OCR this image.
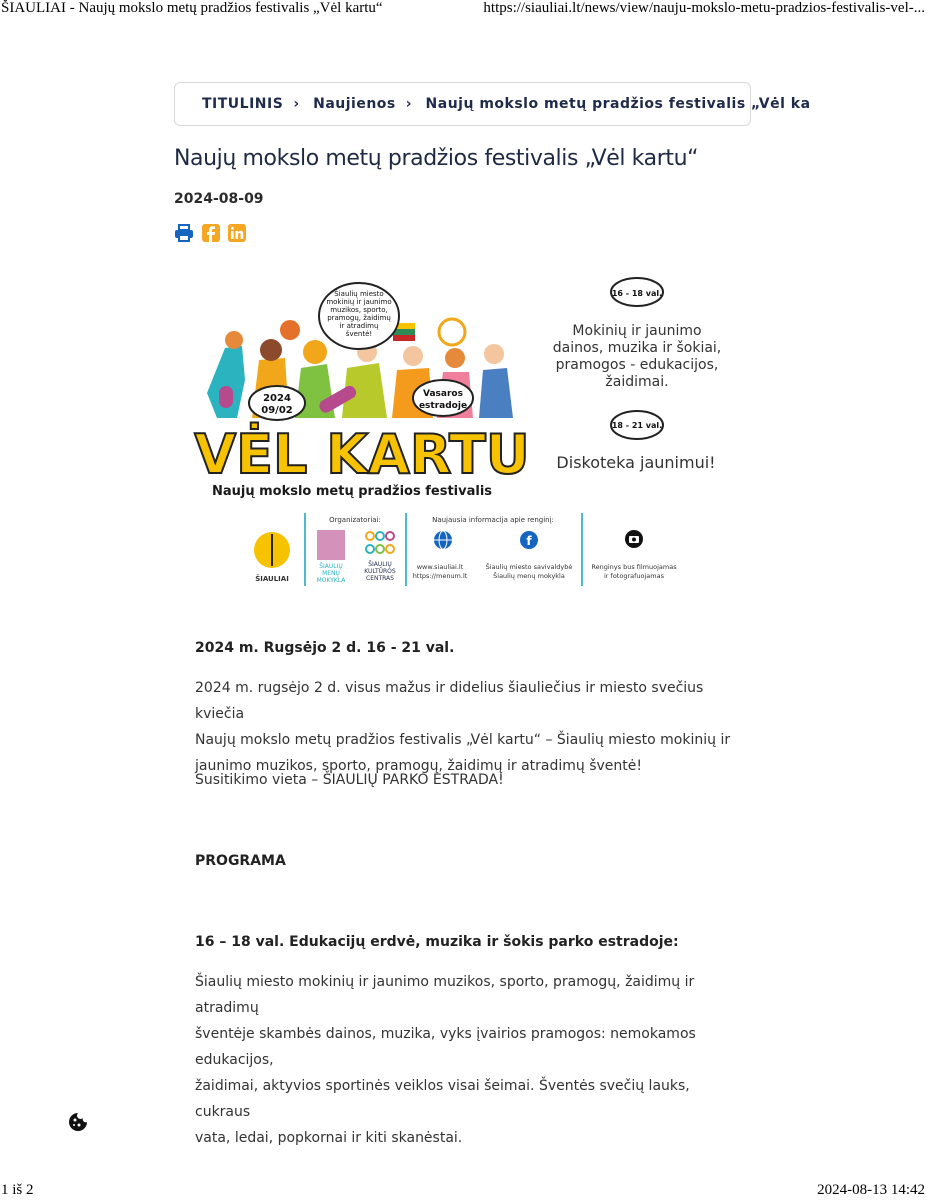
ŠIAULIAI - Naujų mokslo metų pradžios festivalis „Vėl kartu“	https://siauliai.lt/news/view/nauju-mokslo-metu-pradzios-festivalis-vel-...
TITULINIS › Naujienos › Naujų mokslo metų pradžios festivalis „Vėl ka
Naujų mokslo metų pradžios festivalis „Vėl kartu“
2024-08-09
Šiaulių miesto
mokinių ir jaunimo
muzikos, sporto,
pramogų, žaidimų
ir atradimų
šventė!
2024
09/02
Vasaros
estradoje
VĖL KARTU
Naujų mokslo metų pradžios festivalis
16 - 18 val.
Mokinių ir jaunimo
dainos, muzika ir šokiai,
pramogos - edukacijos,
žaidimai.
18 - 21 val.
Diskoteka jaunimui!
Organizatoriai:	Naujausia informacija apie renginį:
ŠIAULIAI
ŠIAULIŲ
MENŲ
MOKYKLA
ŠIAULIŲ
KULTŪROS
CENTRAS
www.siauliai.lt
https://menum.lt
f
Šiaulių miesto savivaldybė
Šiaulių menų mokykla
Renginys bus filmuojamas
ir fotografuojamas
2024 m. Rugsėjo 2 d. 16 - 21 val.
2024 m. rugsėjo 2 d. visus mažus ir didelius šiauliečius ir miesto svečius kviečia
Naujų mokslo metų pradžios festivalis „Vėl kartu“ – Šiaulių miesto mokinių ir
jaunimo muzikos, sporto, pramogų, žaidimų ir atradimų šventė!
Susitikimo vieta – ŠIAULIŲ PARKO ESTRADA!
PROGRAMA
16 – 18 val. Edukacijų erdvė, muzika ir šokis parko estradoje:
Šiaulių miesto mokinių ir jaunimo muzikos, sporto, pramogų, žaidimų ir atradimų
šventėje skambės dainos, muzika, vyks įvairios pramogos: nemokamos edukacijos,
žaidimai, aktyvios sportinės veiklos visai šeimai. Šventės svečių lauks, cukraus
vata, ledai, popkornai ir kiti skanėstai.
1 iš 2	2024-08-13 14:42
